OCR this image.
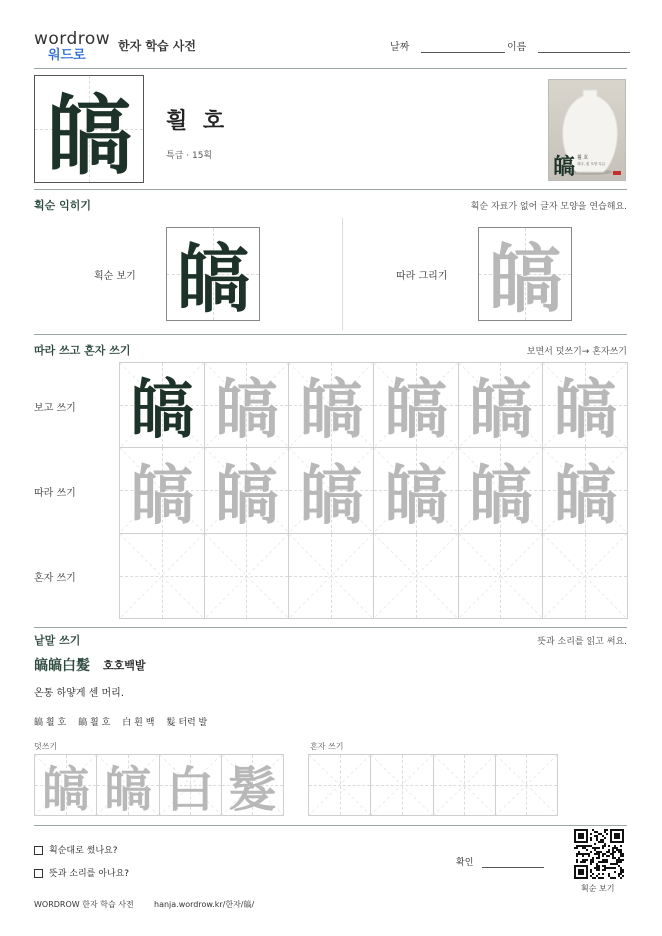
wordrow
워드로
한자 학습 사전	날짜	이름
皜	흴 호
특급 · 15획	皜 흴 호
희다, 흰 모양 특급
획순 익히기	획순 자료가 없어 글자 모양을 연습해요.
획순 보기 皜	따라 그리기 皜
따라 쓰고 혼자 쓰기	보면서 덧쓰기→ 혼자쓰기
보고 쓰기
따라 쓰기
혼자 쓰기
皜 皜 皜 皜 皜 皜
皜 皜 皜 皜 皜 皜
낱말 쓰기	뜻과 소리를 읽고 써요.
皜皜白髮 호호백발
온통 하얗게 센 머리.
皜 흴 호 皜 흴 호 白 흰 백 髮 터럭 발
덧쓰기	혼자 쓰기
皜 皜 白 髮
획순대로 썼나요?
뜻과 소리를 아나요?
확인
획순 보기
WORDROW 한자 학습 사전	hanja.wordrow.kr/한자/皜/
